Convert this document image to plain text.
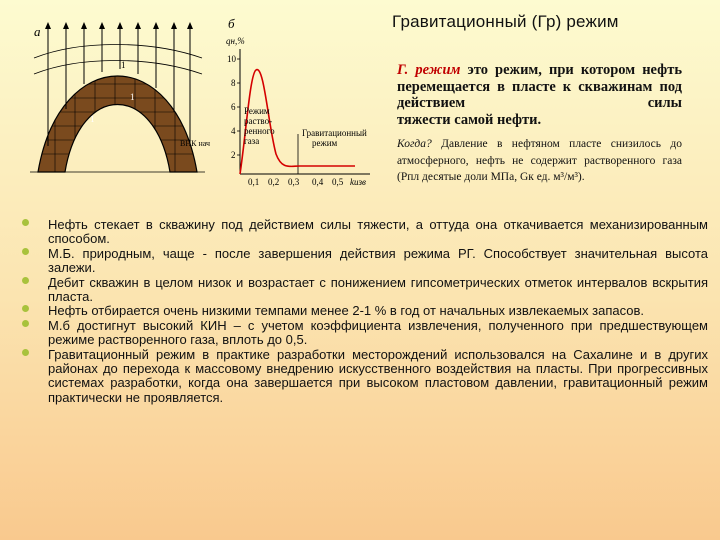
Гравитационный (Гр) режим
а
1
1
1
ВНК нач
б
qн,%
10
8
6
4
2
0,1 0,2 0,3 0,4 0,5 kизв
Режим
раство-
ренного
газа
Гравитационный
режим
Г. режим это режим, при котором нефть перемещается в пласте к скважинам под действием силы
тяжести самой нефти.
Когда? Давление в нефтяном пласте снизилось до атмосферного, нефть не содержит растворенного газа (Рпл десятые доли МПа, Gк ед. м³/м³).
Нефть стекает в скважину под действием силы тяжести, а оттуда она откачивается механизированным способом.
М.Б. природным, чаще - после завершения действия режима РГ. Способствует значительная высота залежи.
Дебит скважин в целом низок и возрастает с понижением гипсометрических отметок интервалов вскрытия пласта.
Нефть отбирается очень низкими темпами менее 2-1 % в год от начальных извлекаемых запасов.
М.б достигнут высокий КИН – с учетом коэффициента извлечения, полученного при предшествующем режиме растворенного газа, вплоть до 0,5.
Гравитационный режим в практике разработки месторождений использовался на Сахалине и в других районах до перехода к массовому внедрению искусственного воздействия на пласты. При прогрессивных системах разработки, когда она завершается при высоком пластовом давлении, гравитационный режим практически не проявляется.
